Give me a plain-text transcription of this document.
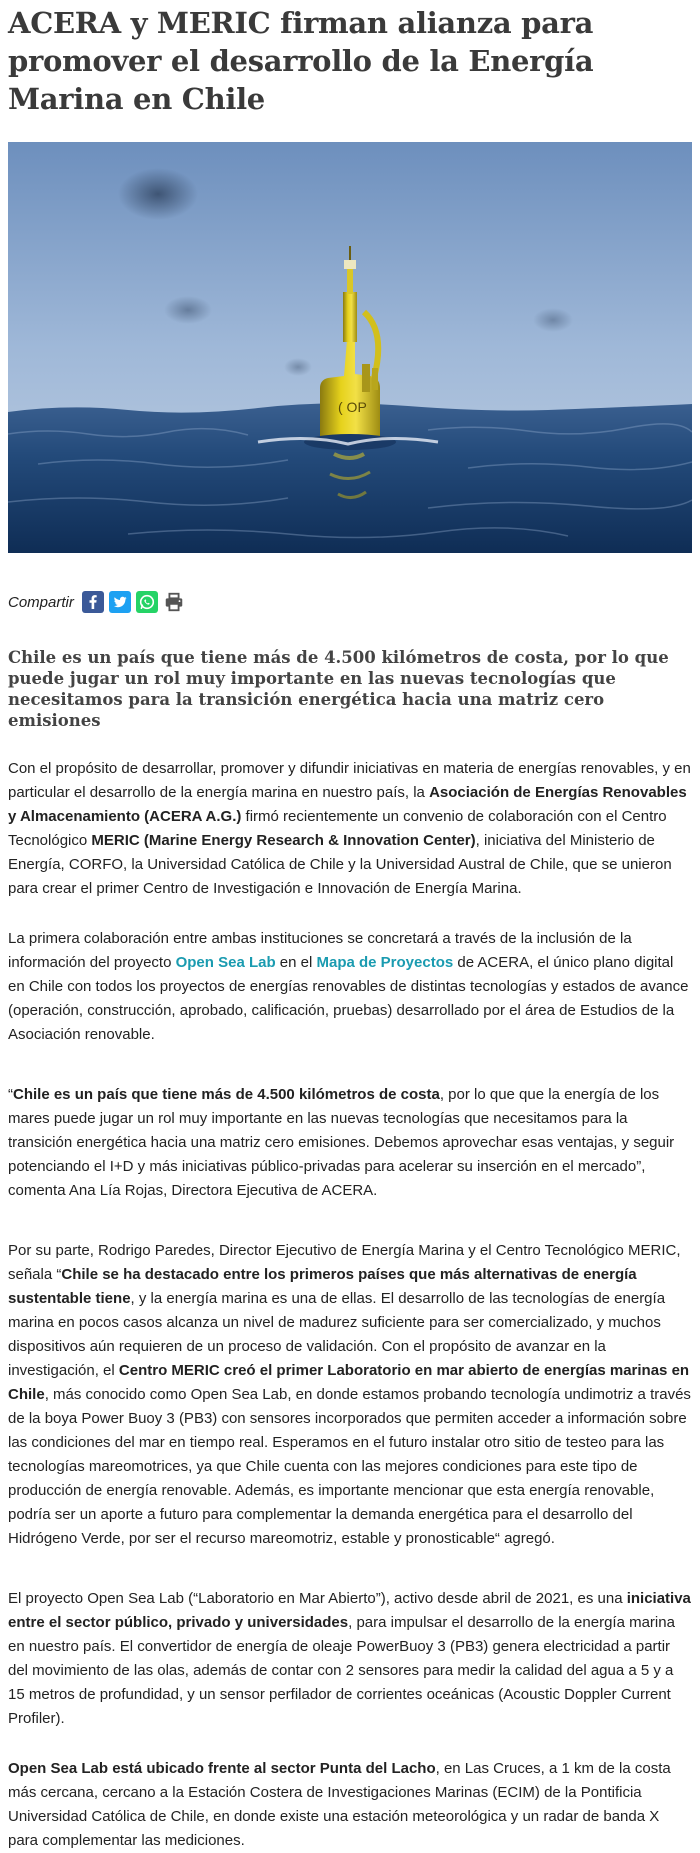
ACERA y MERIC firman alianza para promover el desarrollo de la Energía Marina en Chile
( OP
Compartir
Chile es un país que tiene más de 4.500 kilómetros de costa, por lo que puede jugar un rol muy importante en las nuevas tecnologías que necesitamos para la transición energética hacia una matriz cero emisiones

Con el propósito de desarrollar, promover y difundir iniciativas en materia de energías renovables, y en particular el desarrollo de la energía marina en nuestro país, la Asociación de Energías Renovables y Almacenamiento (ACERA A.G.) firmó recientemente un convenio de colaboración con el Centro Tecnológico MERIC (Marine Energy Research & Innovation Center), iniciativa del Ministerio de Energía, CORFO, la Universidad Católica de Chile y la Universidad Austral de Chile, que se unieron para crear el primer Centro de Investigación e Innovación de Energía Marina.

La primera colaboración entre ambas instituciones se concretará a través de la inclusión de la información del proyecto Open Sea Lab en el Mapa de Proyectos de ACERA, el único plano digital en Chile con todos los proyectos de energías renovables de distintas tecnologías y estados de avance (operación, construcción, aprobado, calificación, pruebas) desarrollado por el área de Estudios de la Asociación renovable.

“Chile es un país que tiene más de 4.500 kilómetros de costa, por lo que que la energía de los mares puede jugar un rol muy importante en las nuevas tecnologías que necesitamos para la transición energética hacia una matriz cero emisiones. Debemos aprovechar esas ventajas, y seguir potenciando el I+D y más iniciativas público-privadas para acelerar su inserción en el mercado”, comenta Ana Lía Rojas, Directora Ejecutiva de ACERA.

Por su parte, Rodrigo Paredes, Director Ejecutivo de Energía Marina y el Centro Tecnológico MERIC, señala “Chile se ha destacado entre los primeros países que más alternativas de energía sustentable tiene, y la energía marina es una de ellas. El desarrollo de las tecnologías de energía marina en pocos casos alcanza un nivel de madurez suficiente para ser comercializado, y muchos dispositivos aún requieren de un proceso de validación. Con el propósito de avanzar en la investigación, el Centro MERIC creó el primer Laboratorio en mar abierto de energías marinas en Chile, más conocido como Open Sea Lab, en donde estamos probando tecnología undimotriz a través de la boya Power Buoy 3 (PB3) con sensores incorporados que permiten acceder a información sobre las condiciones del mar en tiempo real. Esperamos en el futuro instalar otro sitio de testeo para las tecnologías mareomotrices, ya que Chile cuenta con las mejores condiciones para este tipo de producción de energía renovable. Además, es importante mencionar que esta energía renovable, podría ser un aporte a futuro para complementar la demanda energética para el desarrollo del Hidrógeno Verde, por ser el recurso mareomotriz, estable y pronosticable“ agregó.

El proyecto Open Sea Lab (“Laboratorio en Mar Abierto”), activo desde abril de 2021, es una iniciativa entre el sector público, privado y universidades, para impulsar el desarrollo de la energía marina en nuestro país. El convertidor de energía de oleaje PowerBuoy 3 (PB3) genera electricidad a partir del movimiento de las olas, además de contar con 2 sensores para medir la calidad del agua a 5 y a 15 metros de profundidad, y un sensor perfilador de corrientes oceánicas (Acoustic Doppler Current Profiler).

Open Sea Lab está ubicado frente al sector Punta del Lacho, en Las Cruces, a 1 km de la costa más cercana, cercano a la Estación Costera de Investigaciones Marinas (ECIM) de la Pontificia Universidad Católica de Chile, en donde existe una estación meteorológica y un radar de banda X para complementar las mediciones.
